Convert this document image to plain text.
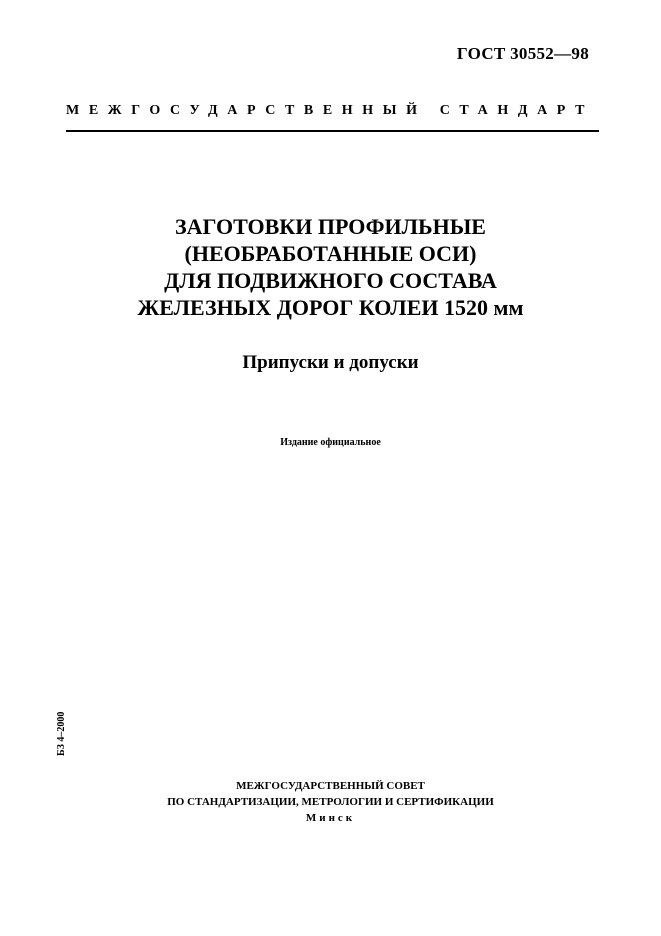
ГОСТ 30552—98
МЕЖГОСУДАРСТВЕННЫЙ СТАНДАРТ
ЗАГОТОВКИ ПРОФИЛЬНЫЕ
(НЕОБРАБОТАННЫЕ ОСИ)
ДЛЯ ПОДВИЖНОГО СОСТАВА
ЖЕЛЕЗНЫХ ДОРОГ КОЛЕИ 1520 мм
Припуски и допуски
Издание официальное
БЗ 4–2000
МЕЖГОСУДАРСТВЕННЫЙ СОВЕТ
ПО СТАНДАРТИЗАЦИИ, МЕТРОЛОГИИ И СЕРТИФИКАЦИИ
Минск
